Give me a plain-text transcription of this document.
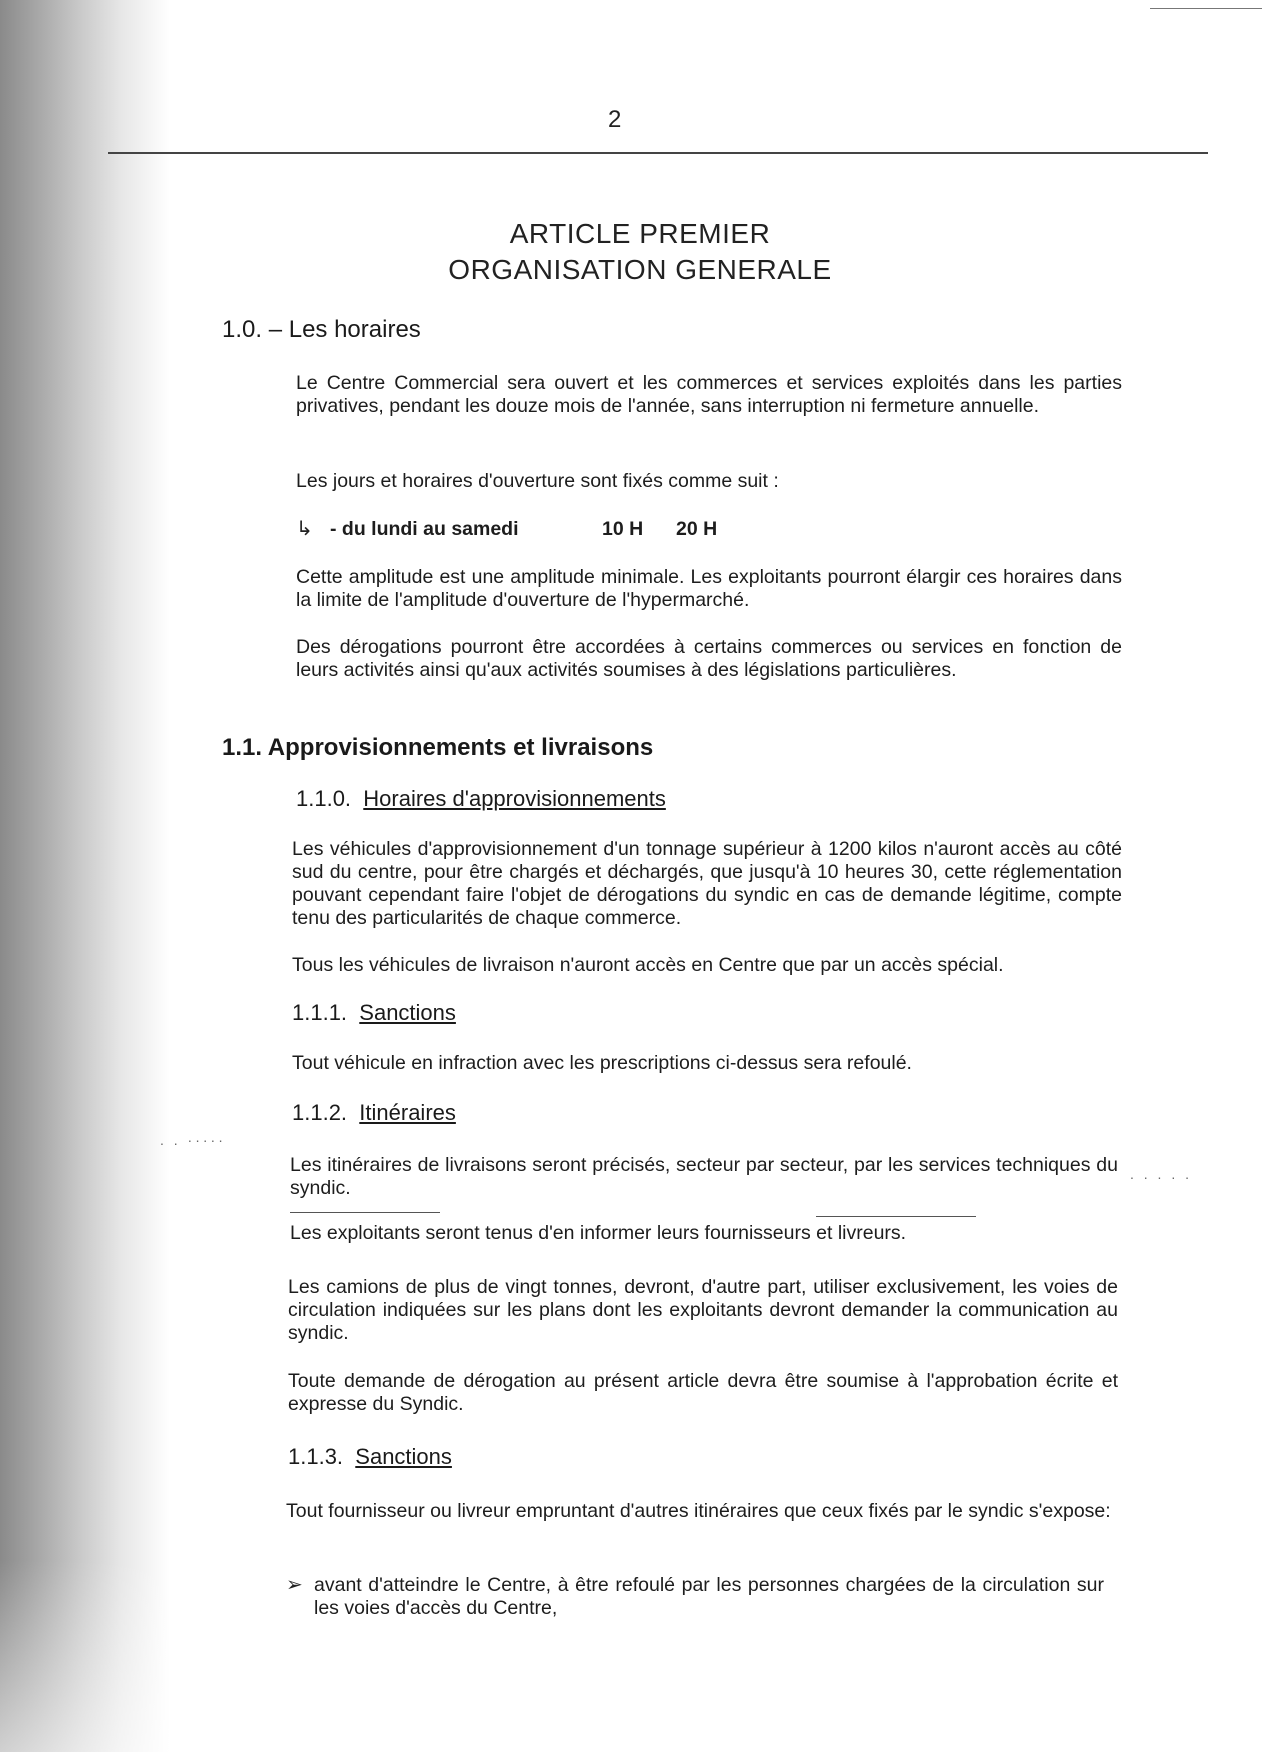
2
ARTICLE PREMIER
ORGANISATION GENERALE
1.0. – Les horaires
Le Centre Commercial sera ouvert et les commerces et services exploités dans les parties privatives, pendant les douze mois de l'année, sans interruption ni fermeture annuelle.
Les jours et horaires d'ouverture sont fixés comme suit :
↳ - du lundi au samedi	10 H	20 H
Cette amplitude est une amplitude minimale. Les exploitants pourront élargir ces horaires dans la limite de l'amplitude d'ouverture de l'hypermarché.
Des dérogations pourront être accordées à certains commerces ou services en fonction de leurs activités ainsi qu'aux activités soumises à des législations particulières.
1.1. Approvisionnements et livraisons
1.1.0. Horaires d'approvisionnements
Les véhicules d'approvisionnement d'un tonnage supérieur à 1200 kilos n'auront accès au côté sud du centre, pour être chargés et déchargés, que jusqu'à 10 heures 30, cette réglementation pouvant cependant faire l'objet de dérogations du syndic en cas de demande légitime, compte tenu des particularités de chaque commerce.
Tous les véhicules de livraison n'auront accès en Centre que par un accès spécial.
1.1.1. Sanctions
Tout véhicule en infraction avec les prescriptions ci-dessus sera refoulé.
1.1.2. Itinéraires
. . ·····
Les itinéraires de livraisons seront précisés, secteur par secteur, par les services techniques du syndic.
. . . . .
Les exploitants seront tenus d'en informer leurs fournisseurs et livreurs.
Les camions de plus de vingt tonnes, devront, d'autre part, utiliser exclusivement, les voies de circulation indiquées sur les plans dont les exploitants devront demander la communication au syndic.
Toute demande de dérogation au présent article devra être soumise à l'approbation écrite et expresse du Syndic.
1.1.3. Sanctions
Tout fournisseur ou livreur empruntant d'autres itinéraires que ceux fixés par le syndic s'expose:
➢ avant d'atteindre le Centre, à être refoulé par les personnes chargées de la circulation sur les voies d'accès du Centre,
